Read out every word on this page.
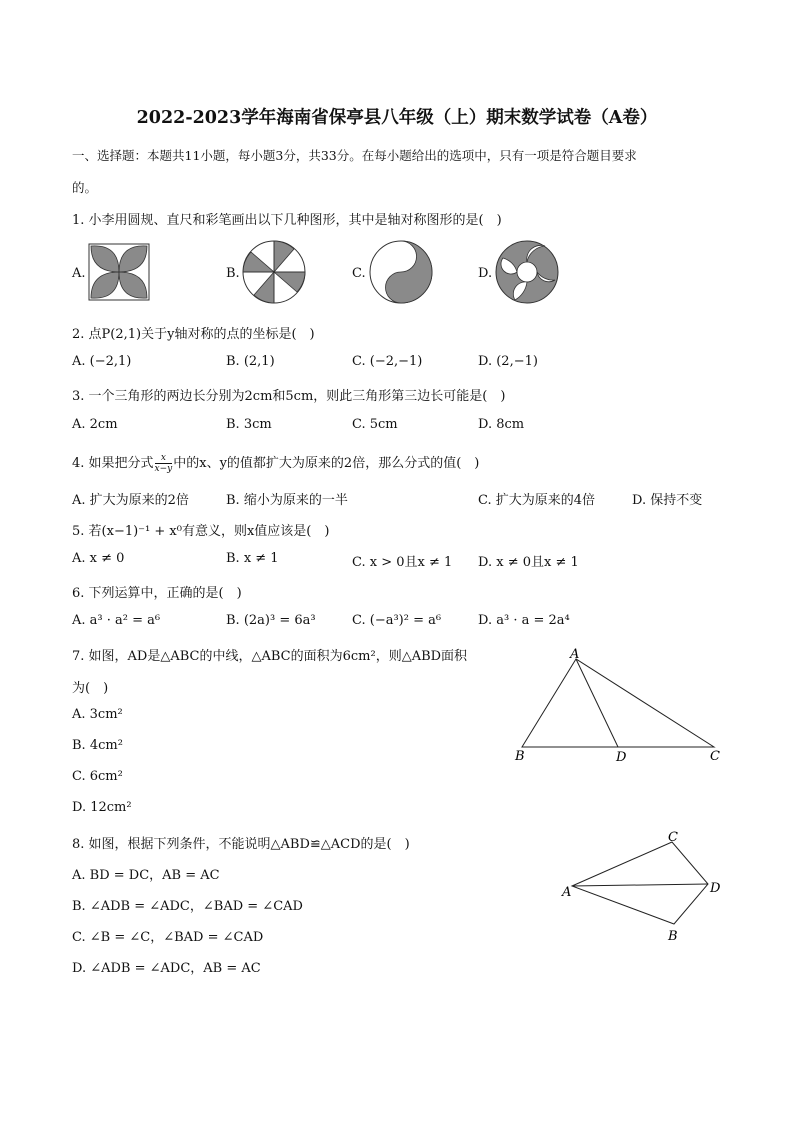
2022-2023学年海南省保亭县八年级（上）期末数学试卷（A卷）
一、选择题：本题共11小题，每小题3分，共33分。在每小题给出的选项中，只有一项是符合题目要求
的。
1. 小李用圆规、直尺和彩笔画出以下几种图形，其中是轴对称图形的是(　)
A.	B.	C.	D.
2. 点P(2,1)关于y轴对称的点的坐标是(　)
A. (−2,1)	B. (2,1)	C. (−2,−1)	D. (2,−1)
3. 一个三角形的两边长分别为2cm和5cm，则此三角形第三边长可能是(　)
A. 2cm	B. 3cm	C. 5cm	D. 8cm
4. 如果把分式 $\frac{x}{x-y}$ 中的x、y的值都扩大为原来的2倍，那么分式的值(　)
A. 扩大为原来的2倍	B. 缩小为原来的一半	C. 扩大为原来的4倍	D. 保持不变
5. 若(x−1)⁻¹ + x⁰有意义，则x值应该是(　)
A. x ≠ 0	B. x ≠ 1	C. x > 0且x ≠ 1 D. x ≠ 0且x ≠ 1
6. 下列运算中，正确的是(　)
A. a³ · a² = a⁶	B. (2a)³ = 6a³	C. (−a³)² = a⁶	D. a³ · a = 2a⁴
7. 如图，AD是△ABC的中线，△ABC的面积为6cm²，则△ABD面积
为(　)
A. 3cm²
B. 4cm²
C. 6cm²
D. 12cm²
A
B	D	C
8. 如图，根据下列条件，不能说明△ABD≌△ACD的是(　)
A. BD = DC，AB = AC
B. ∠ADB = ∠ADC，∠BAD = ∠CAD
C. ∠B = ∠C，∠BAD = ∠CAD
D. ∠ADB = ∠ADC，AB = AC
C
A	D
B
